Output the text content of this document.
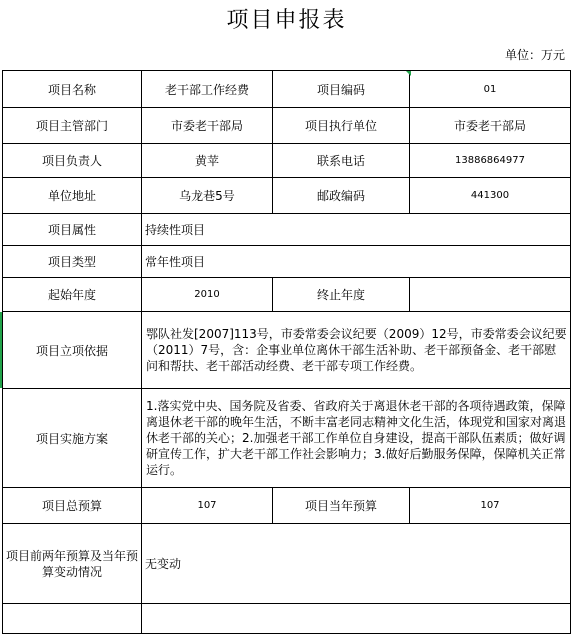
项目申报表
单位：万元
项目名称	老干部工作经费	项目编码	01
项目主管部门	市委老干部局	项目执行单位	市委老干部局
项目负责人	黄苹	联系电话	13886864977
单位地址	乌龙巷5号	邮政编码	441300
项目属性	持续性项目		
项目类型	常年性项目		
起始年度	2010	终止年度	
项目立项依据	鄂队社发[2007]113号，市委常委会议纪要（2009）12号，市委常委会议纪要（2011）7号，含：企事业单位离休干部生活补助、老干部预备金、老干部慰问和帮扶、老干部活动经费、老干部专项工作经费。		
项目实施方案	1.落实党中央、国务院及省委、省政府关于离退休老干部的各项待遇政策，保障离退休老干部的晚年生活，不断丰富老同志精神文化生活，体现党和国家对离退休老干部的关心；2.加强老干部工作单位自身建设，提高干部队伍素质；做好调研宣传工作，扩大老干部工作社会影响力；3.做好后勤服务保障，保障机关正常运行。		
项目总预算	107	项目当年预算	107
项目前两年预算及当年预算变动情况	无变动		
